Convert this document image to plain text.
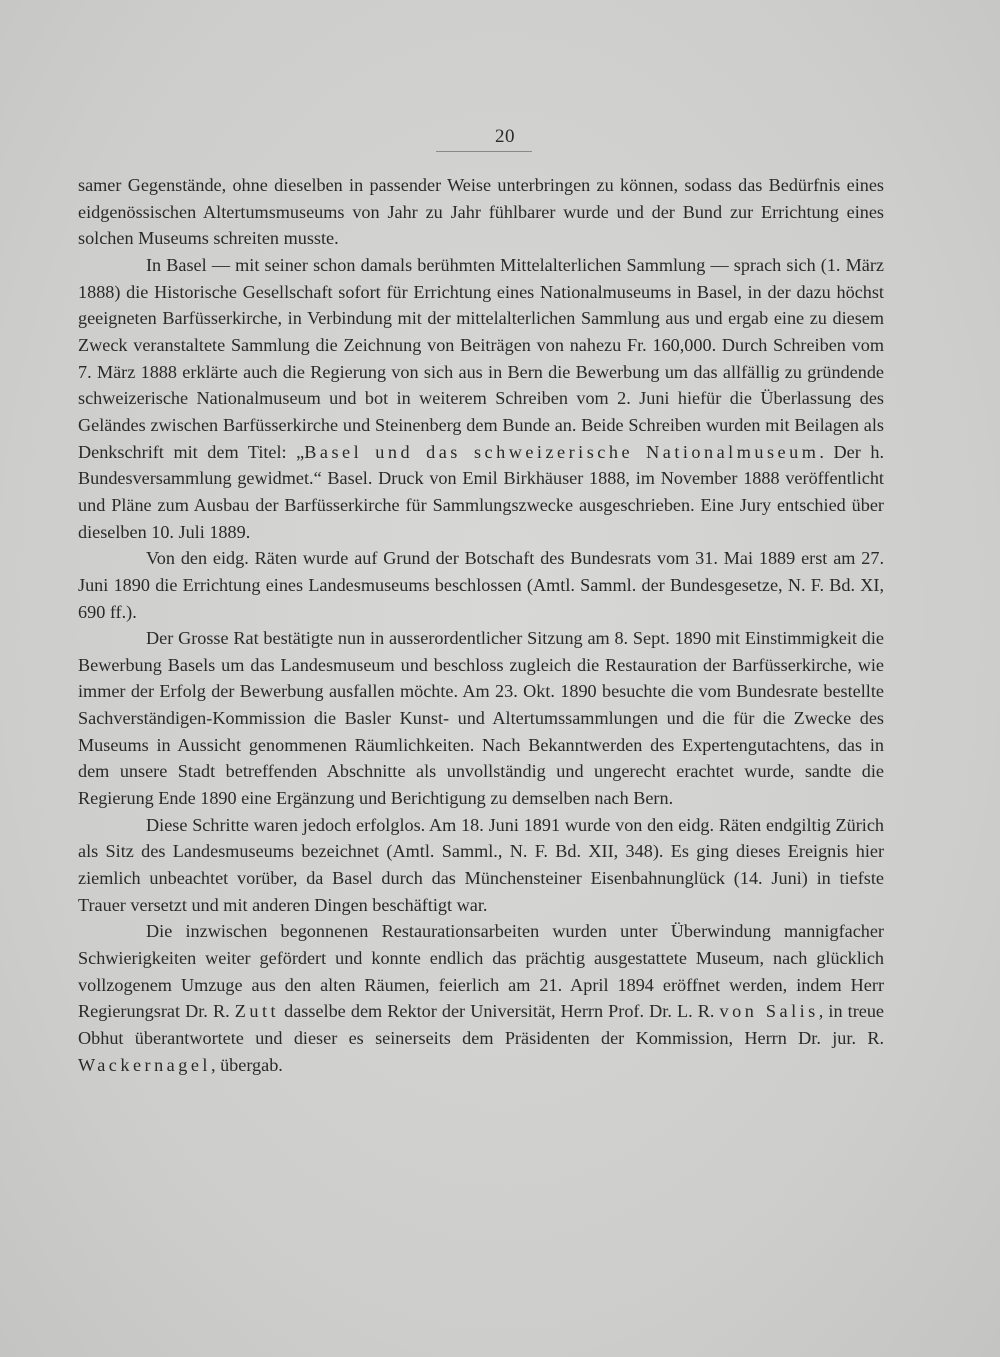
20

samer Gegenstände, ohne dieselben in passender Weise unterbringen zu können, sodass das Bedürfnis eines eidgenössischen Altertumsmuseums von Jahr zu Jahr fühlbarer wurde und der Bund zur Errichtung eines solchen Museums schreiten musste.

In Basel — mit seiner schon damals berühmten Mittelalterlichen Sammlung — sprach sich (1. März 1888) die Historische Gesellschaft sofort für Errichtung eines Nationalmuseums in Basel, in der dazu höchst geeigneten Barfüsserkirche, in Verbindung mit der mittelalterlichen Sammlung aus und ergab eine zu diesem Zweck veranstaltete Sammlung die Zeichnung von Beiträgen von nahezu Fr. 160,000. Durch Schreiben vom 7. März 1888 erklärte auch die Regierung von sich aus in Bern die Bewerbung um das allfällig zu gründende schweizerische Nationalmuseum und bot in weiterem Schreiben vom 2. Juni hiefür die Überlassung des Geländes zwischen Barfüsserkirche und Steinenberg dem Bunde an. Beide Schreiben wurden mit Beilagen als Denkschrift mit dem Titel: „Basel und das schweizerische Nationalmuseum. Der h. Bundesversammlung gewidmet.“ Basel. Druck von Emil Birkhäuser 1888, im November 1888 veröffentlicht und Pläne zum Ausbau der Barfüsserkirche für Sammlungszwecke ausgeschrieben. Eine Jury entschied über dieselben 10. Juli 1889.

Von den eidg. Räten wurde auf Grund der Botschaft des Bundesrats vom 31. Mai 1889 erst am 27. Juni 1890 die Errichtung eines Landesmuseums beschlossen (Amtl. Samml. der Bundesgesetze, N. F. Bd. XI, 690 ff.).

Der Grosse Rat bestätigte nun in ausserordentlicher Sitzung am 8. Sept. 1890 mit Einstimmigkeit die Bewerbung Basels um das Landesmuseum und beschloss zugleich die Restauration der Barfüsserkirche, wie immer der Erfolg der Bewerbung ausfallen möchte. Am 23. Okt. 1890 besuchte die vom Bundesrate bestellte Sachverständigen-Kommission die Basler Kunst- und Altertumssammlungen und die für die Zwecke des Museums in Aussicht genommenen Räumlichkeiten. Nach Bekanntwerden des Expertengutachtens, das in dem unsere Stadt betreffenden Abschnitte als unvollständig und ungerecht erachtet wurde, sandte die Regierung Ende 1890 eine Ergänzung und Berichtigung zu demselben nach Bern.

Diese Schritte waren jedoch erfolglos. Am 18. Juni 1891 wurde von den eidg. Räten endgiltig Zürich als Sitz des Landesmuseums bezeichnet (Amtl. Samml., N. F. Bd. XII, 348). Es ging dieses Ereignis hier ziemlich unbeachtet vorüber, da Basel durch das Münchensteiner Eisenbahnunglück (14. Juni) in tiefste Trauer versetzt und mit anderen Dingen beschäftigt war.

Die inzwischen begonnenen Restaurationsarbeiten wurden unter Überwindung mannigfacher Schwierigkeiten weiter gefördert und konnte endlich das prächtig ausgestattete Museum, nach glücklich vollzogenem Umzuge aus den alten Räumen, feierlich am 21. April 1894 eröffnet werden, indem Herr Regierungsrat Dr. R. Zutt dasselbe dem Rektor der Universität, Herrn Prof. Dr. L. R. von Salis, in treue Obhut überantwortete und dieser es seinerseits dem Präsidenten der Kommission, Herrn Dr. jur. R. Wackernagel, übergab.
